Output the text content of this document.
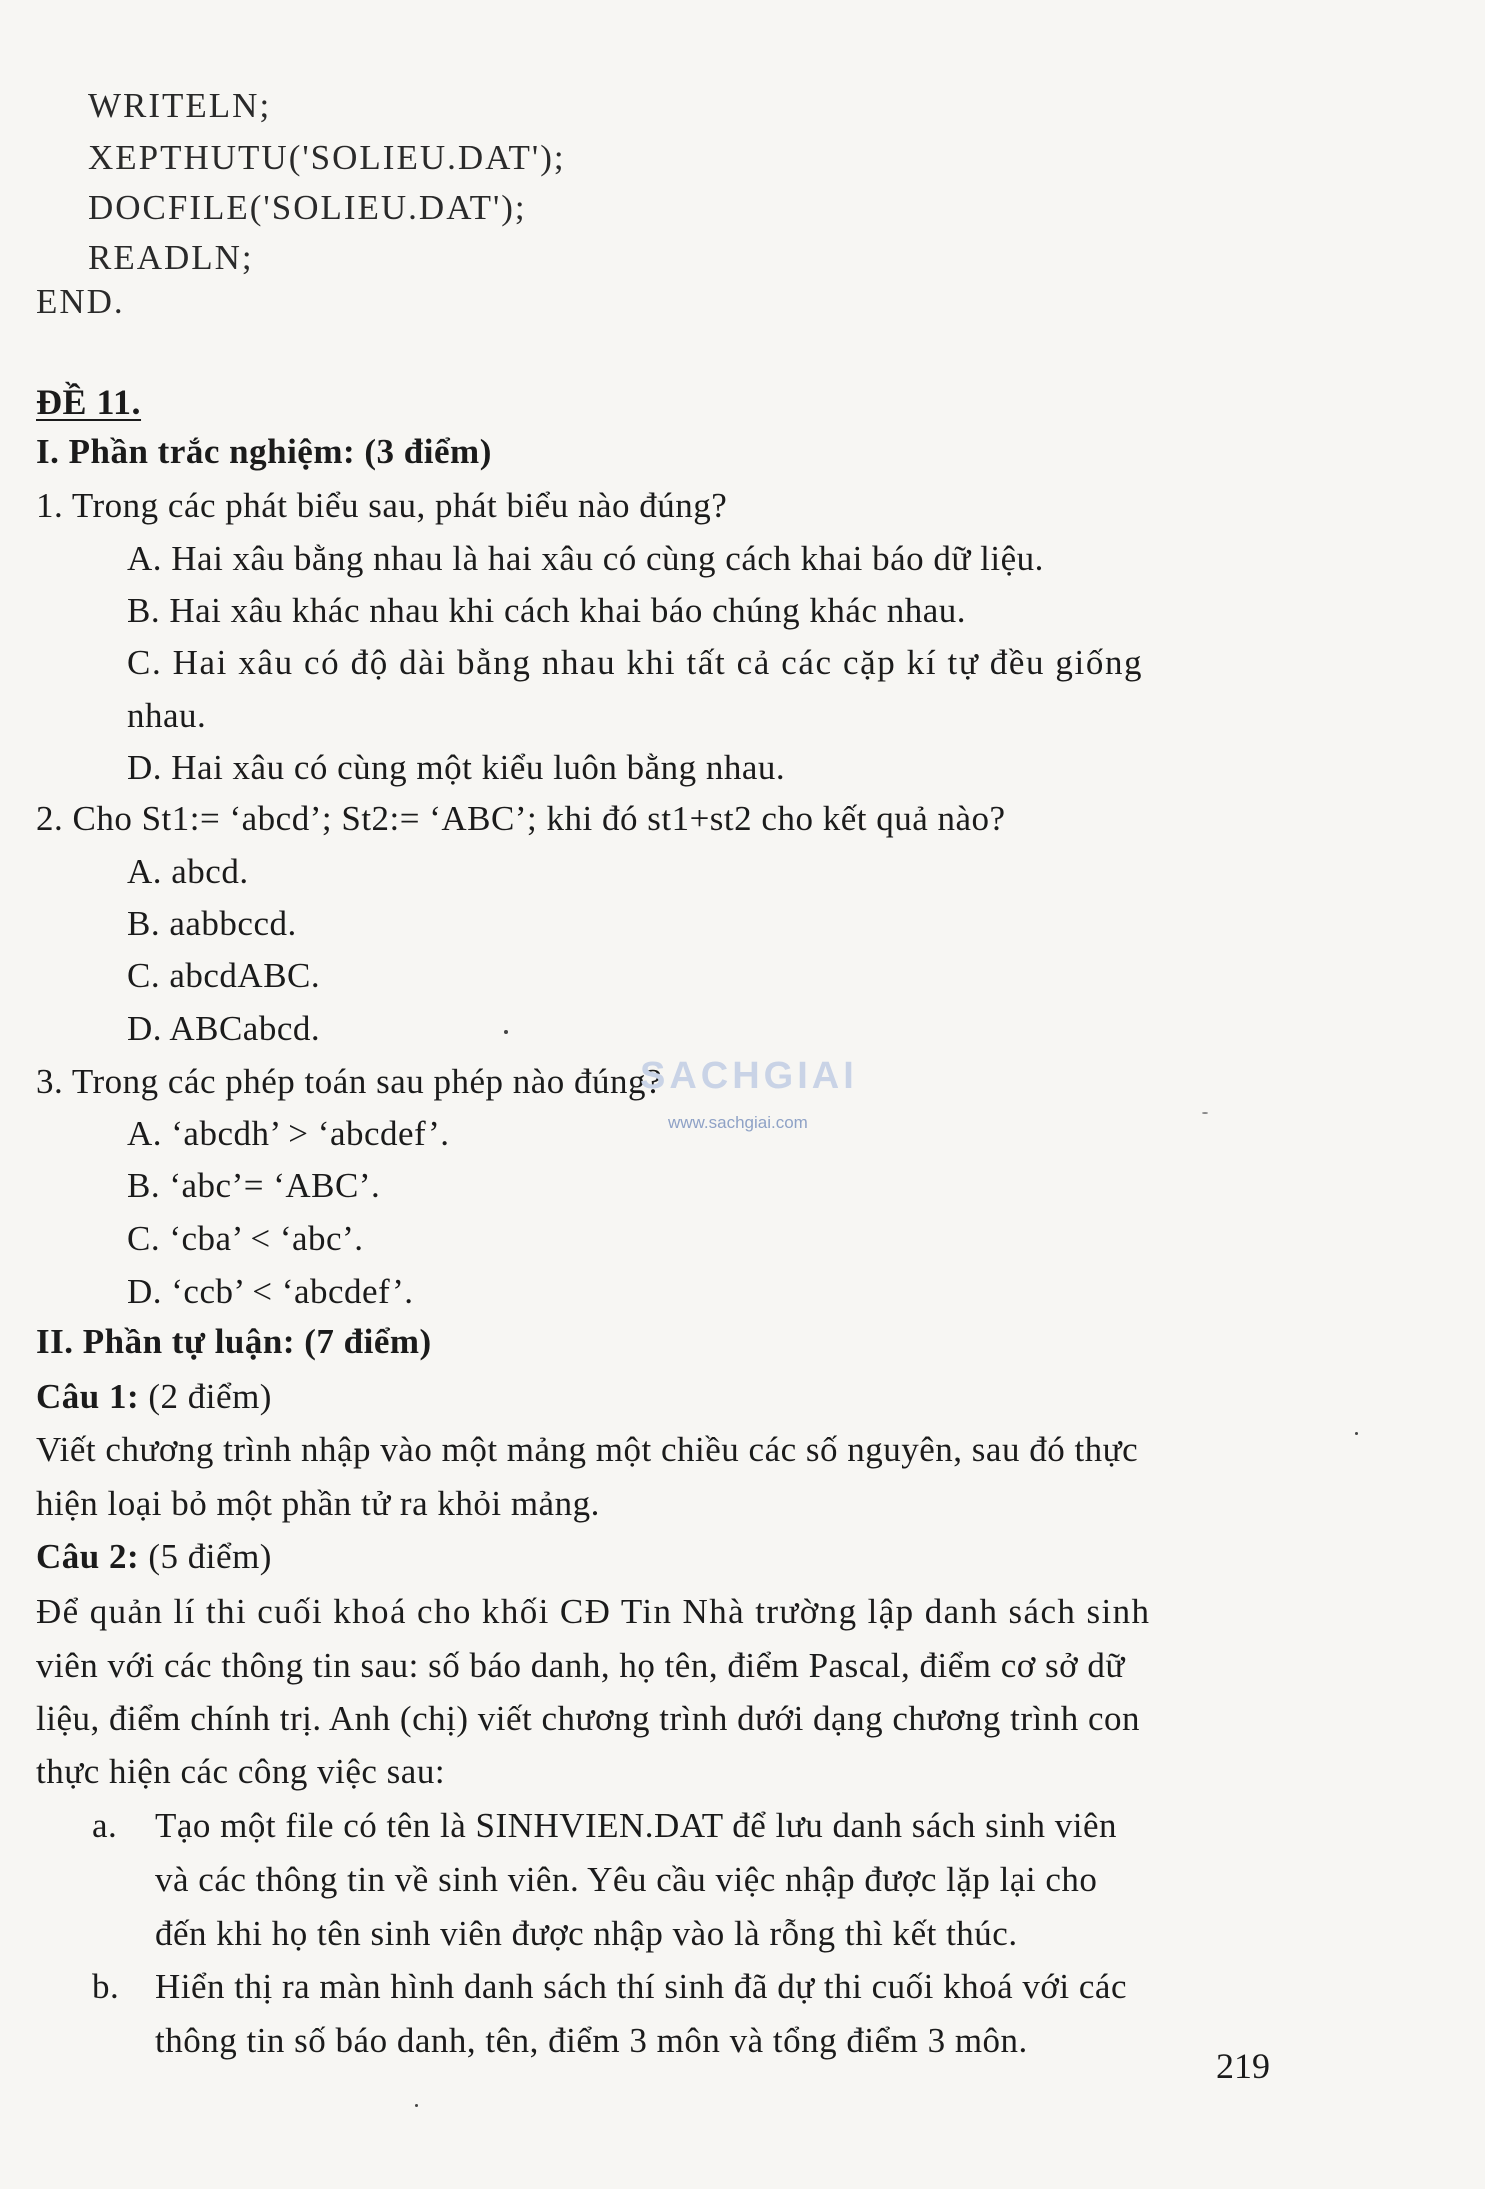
WRITELN;
XEPTHUTU('SOLIEU.DAT');
DOCFILE('SOLIEU.DAT');
READLN;
END.
ĐỀ 11.
I. Phần trắc nghiệm: (3 điểm)
1. Trong các phát biểu sau, phát biểu nào đúng?
A. Hai xâu bằng nhau là hai xâu có cùng cách khai báo dữ liệu.
B. Hai xâu khác nhau khi cách khai báo chúng khác nhau.
C. Hai xâu có độ dài bằng nhau khi tất cả các cặp kí tự đều giống
nhau.
D. Hai xâu có cùng một kiểu luôn bằng nhau.
2. Cho St1:= ‘abcd’; St2:= ‘ABC’; khi đó st1+st2 cho kết quả nào?
A. abcd.
B. aabbccd.
C. abcdABC.
D. ABCabcd.
3. Trong các phép toán sau phép nào đúng?
A. ‘abcdh’ > ‘abcdef’.
B. ‘abc’= ‘ABC’.
C. ‘cba’ < ‘abc’.
D. ‘ccb’ < ‘abcdef’.
II. Phần tự luận: (7 điểm)
Câu 1: (2 điểm)
Viết chương trình nhập vào một mảng một chiều các số nguyên, sau đó thực
hiện loại bỏ một phần tử ra khỏi mảng.
Câu 2: (5 điểm)
Để quản lí thi cuối khoá cho khối CĐ Tin Nhà trường lập danh sách sinh
viên với các thông tin sau: số báo danh, họ tên, điểm Pascal, điểm cơ sở dữ
liệu, điểm chính trị. Anh (chị) viết chương trình dưới dạng chương trình con
thực hiện các công việc sau:
a. Tạo một file có tên là SINHVIEN.DAT để lưu danh sách sinh viên
và các thông tin về sinh viên. Yêu cầu việc nhập được lặp lại cho
đến khi họ tên sinh viên được nhập vào là rỗng thì kết thúc.
b. Hiển thị ra màn hình danh sách thí sinh đã dự thi cuối khoá với các
thông tin số báo danh, tên, điểm 3 môn và tổng điểm 3 môn.
SACHGIAI
www.sachgiai.com
219
